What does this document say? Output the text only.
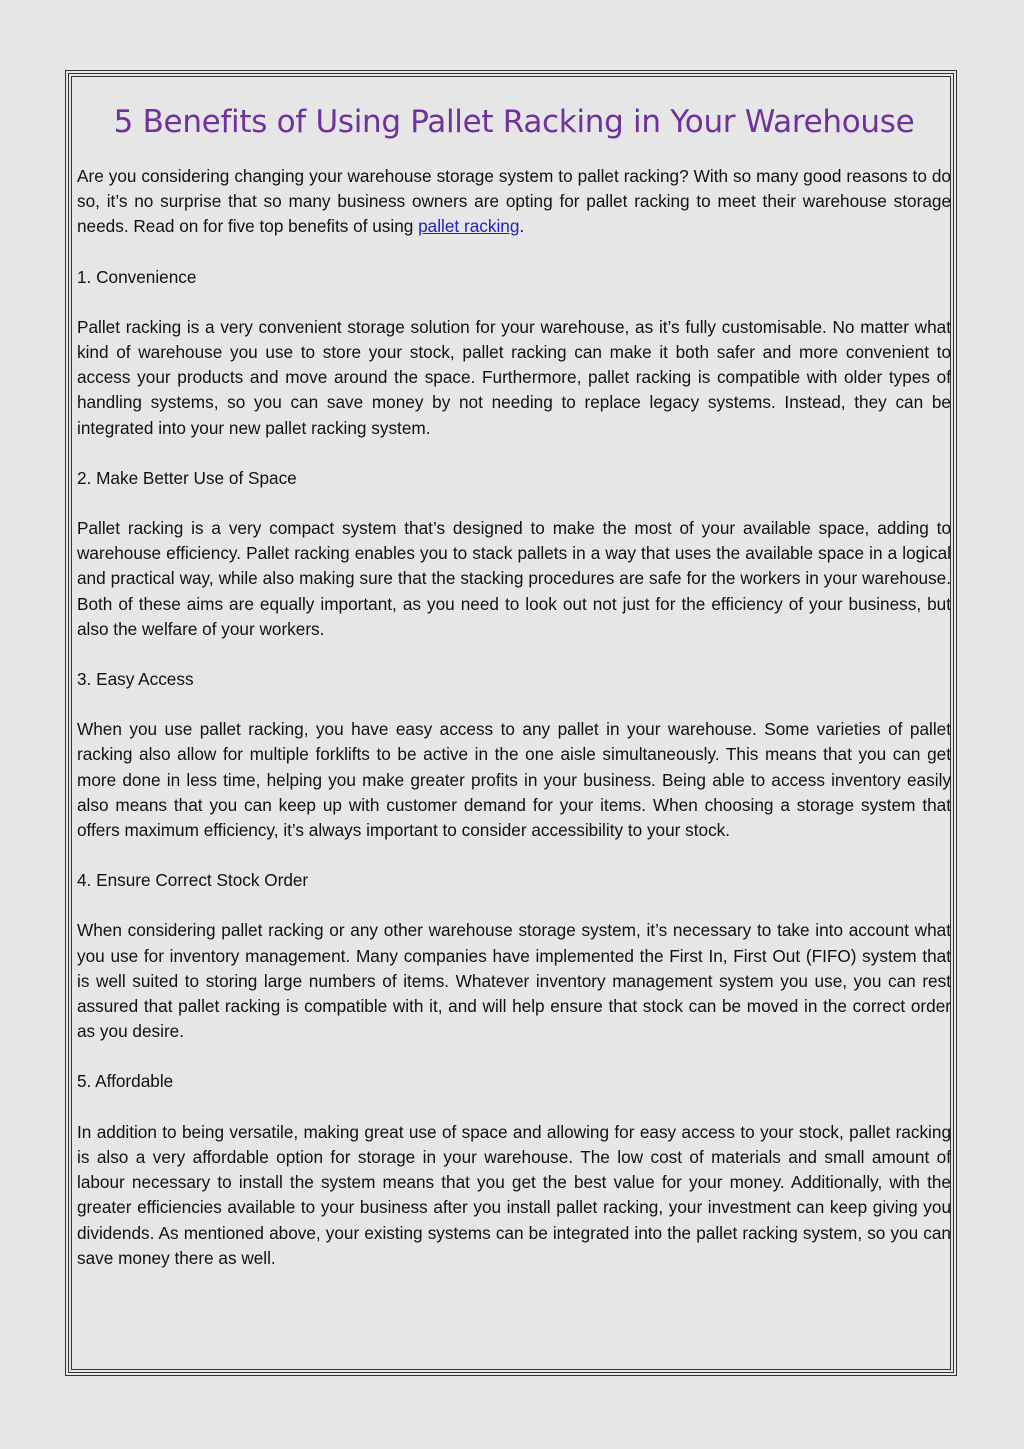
5 Benefits of Using Pallet Racking in Your Warehouse

Are you considering changing your warehouse storage system to pallet racking? With so many good reasons to do so, it’s no surprise that so many business owners are opting for pallet racking to meet their warehouse storage needs. Read on for five top benefits of using pallet racking.

1. Convenience

Pallet racking is a very convenient storage solution for your warehouse, as it’s fully customisable. No matter what kind of warehouse you use to store your stock, pallet racking can make it both safer and more convenient to access your products and move around the space. Furthermore, pallet racking is compatible with older types of handling systems, so you can save money by not needing to replace legacy systems. Instead, they can be integrated into your new pallet racking system.

2. Make Better Use of Space

Pallet racking is a very compact system that’s designed to make the most of your available space, adding to warehouse efficiency. Pallet racking enables you to stack pallets in a way that uses the available space in a logical and practical way, while also making sure that the stacking procedures are safe for the workers in your warehouse. Both of these aims are equally important, as you need to look out not just for the efficiency of your business, but also the welfare of your workers.

3. Easy Access

When you use pallet racking, you have easy access to any pallet in your warehouse. Some varieties of pallet racking also allow for multiple forklifts to be active in the one aisle simultaneously. This means that you can get more done in less time, helping you make greater profits in your business. Being able to access inventory easily also means that you can keep up with customer demand for your items. When choosing a storage system that offers maximum efficiency, it’s always important to consider accessibility to your stock.

4. Ensure Correct Stock Order

When considering pallet racking or any other warehouse storage system, it’s necessary to take into account what you use for inventory management. Many companies have implemented the First In, First Out (FIFO) system that is well suited to storing large numbers of items. Whatever inventory management system you use, you can rest assured that pallet racking is compatible with it, and will help ensure that stock can be moved in the correct order as you desire.

5. Affordable

In addition to being versatile, making great use of space and allowing for easy access to your stock, pallet racking is also a very affordable option for storage in your warehouse. The low cost of materials and small amount of labour necessary to install the system means that you get the best value for your money. Additionally, with the greater efficiencies available to your business after you install pallet racking, your investment can keep giving you dividends. As mentioned above, your existing systems can be integrated into the pallet racking system, so you can save money there as well.
